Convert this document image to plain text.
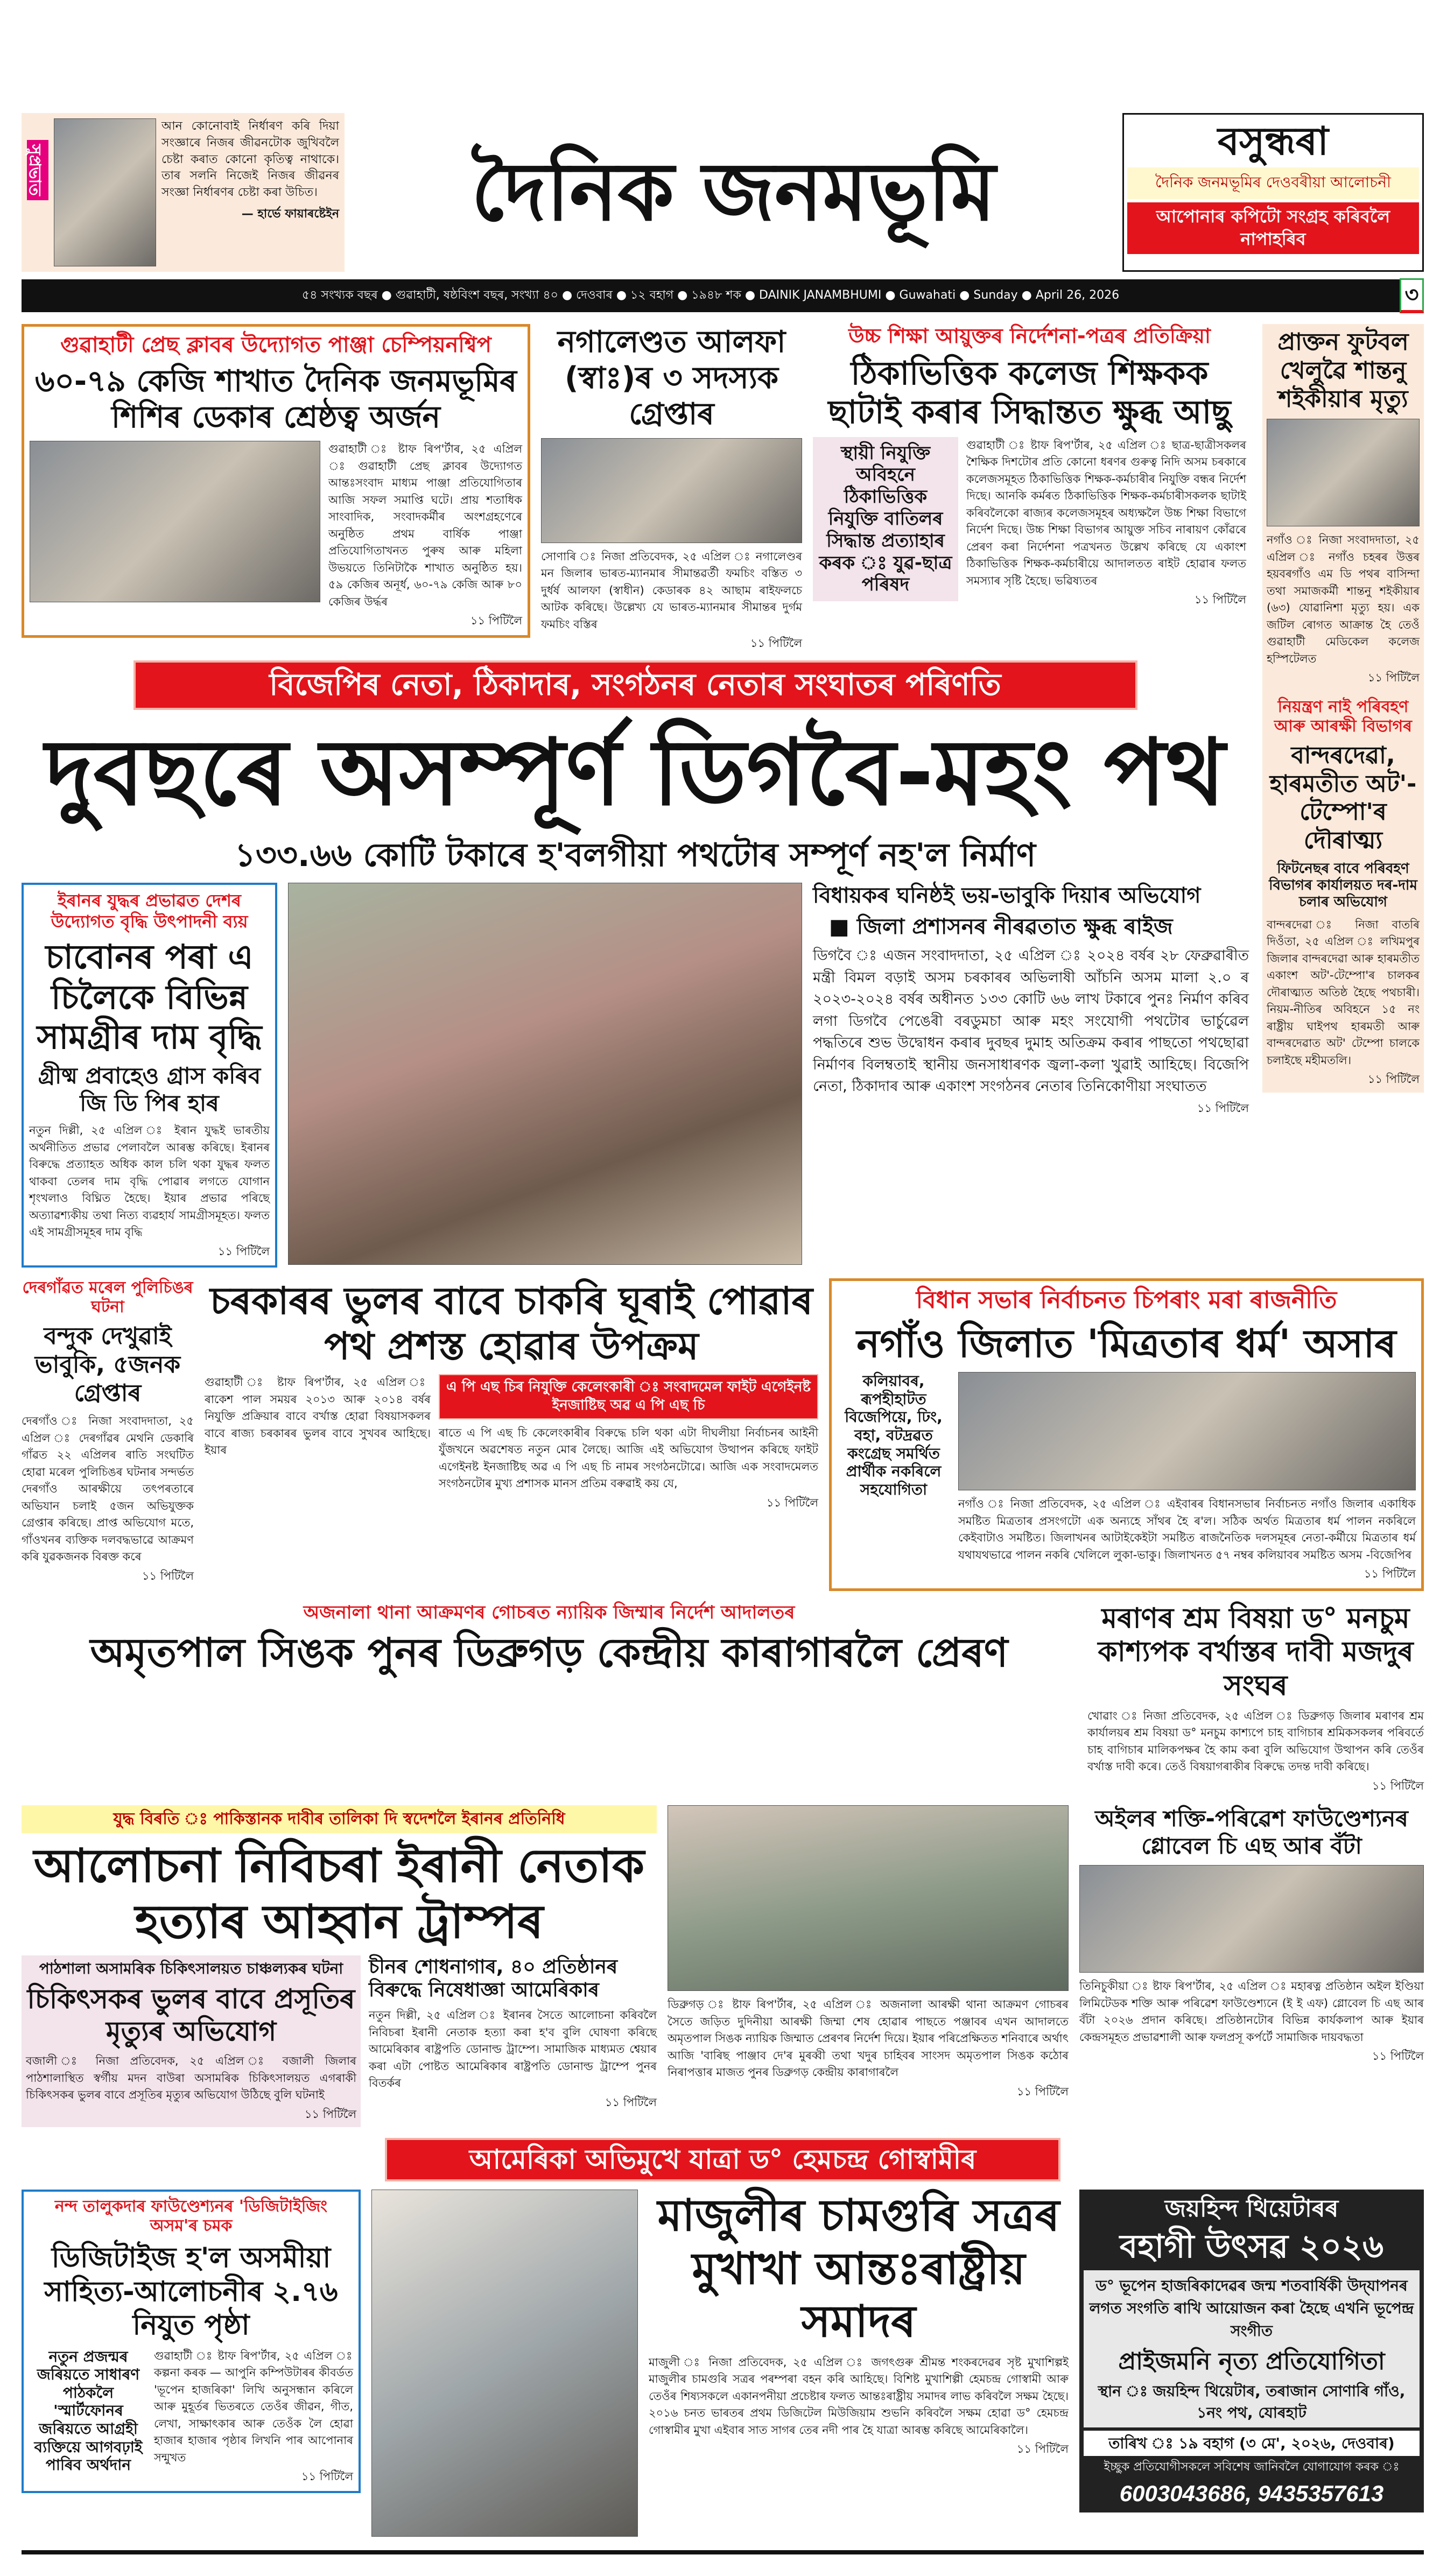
সুপ্ৰভাত
আন কোনোবাই নিৰ্ধাৰণ কৰি দিয়া সংজ্ঞাৰে নিজৰ জীৱনটোক জুখিবলৈ চেষ্টা কৰাত কোনো কৃতিত্ব নাথাকে। তাৰ সলনি নিজেই নিজৰ জীৱনৰ সংজ্ঞা নিৰ্ধাৰণৰ চেষ্টা কৰা উচিত।
— হাৰ্ভে ফায়াৰষ্টেইন	দৈনিক জনমভূমি
বসুন্ধৰা
দৈনিক জনমভূমিৰ দেওবৰীয়া আলোচনী
আপোনাৰ কপিটো সংগ্ৰহ কৰিবলৈ নাপাহৰিব
৫৪ সংখ্যক বছৰ ● গুৱাহাটী, ষষ্ঠবিংশ বছৰ, সংখ্যা ৪০ ● দেওবাৰ ● ১২ বহাগ ● ১৯৪৮ শক ● DAINIK JANAMBHUMI ● Guwahati ● Sunday ● April 26, 2026	৩
গুৱাহাটী প্ৰেছ ক্লাবৰ উদ্যোগত পাঞ্জা চেম্পিয়নশ্বিপ
৬০-৭৯ কেজি শাখাত দৈনিক জনমভূমিৰ শিশিৰ ডেকাৰ শ্ৰেষ্ঠত্ব অৰ্জন
গুৱাহাটী ঃ ষ্টাফ ৰিপ'ৰ্টাৰ, ২৫ এপ্ৰিল ঃ গুৱাহাটী প্ৰেছ ক্লাবৰ উদ্যোগত আন্তঃসংবাদ মাধ্যম পাঞ্জা প্ৰতিযোগিতাৰ আজি সফল সমাপ্তি ঘটে। প্ৰায় শতাধিক সাংবাদিক, সংবাদকৰ্মীৰ অংশগ্ৰহণেৰে অনুষ্ঠিত প্ৰথম বাৰ্ষিক পাঞ্জা প্ৰতিযোগিতাখনত পুৰুষ আৰু মহিলা উভয়তে তিনিটাকৈ শাখাত অনুষ্ঠিত হয়। ৫৯ কেজিৰ অনূৰ্ধ, ৬০-৭৯ কেজি আৰু ৮০ কেজিৰ উৰ্দ্ধৰ
১১ পিটিলৈ
নগালেণ্ডত আলফা (স্বাঃ)ৰ ৩ সদস্যক গ্ৰেপ্তাৰ
সোণাৰি ঃ নিজা প্ৰতিবেদক, ২৫ এপ্ৰিল ঃ নগালেণ্ডৰ মন জিলাৰ ভাৰত-ম্যানমাৰ সীমান্তৱৰ্তী ফমচিং বস্তিত ৩ দুৰ্ধৰ্ষ আলফা (স্বাধীন) কেডাৰক ৪২ আছাম ৰাইফলচে আটক কৰিছে। উল্লেখ্য যে ভাৰত-ম্যানমাৰ সীমান্তৰ দুৰ্গম ফমচিং বস্তিৰ
১১ পিটিলৈ
উচ্চ শিক্ষা আয়ুক্তৰ নিৰ্দেশনা-পত্ৰৰ প্ৰতিক্ৰিয়া
ঠিকাভিত্তিক কলেজ শিক্ষকক ছাটাই কৰাৰ সিদ্ধান্তত ক্ষুব্ধ আছু
স্থায়ী নিযুক্তি অবিহনে ঠিকাভিত্তিক নিযুক্তি বাতিলৰ সিদ্ধান্ত প্ৰত্যাহাৰ কৰক ঃ যুৱ-ছাত্ৰ পৰিষদ
গুৱাহাটী ঃ ষ্টাফ ৰিপ'ৰ্টাৰ, ২৫ এপ্ৰিল ঃ ছাত্ৰ-ছাত্ৰীসকলৰ শৈক্ষিক দিশটোৰ প্ৰতি কোনো ধৰণৰ গুৰুত্ব নিদি অসম চৰকাৰে কলেজসমূহত ঠিকাভিত্তিক শিক্ষক-কৰ্মচাৰীৰ নিযুক্তি বন্ধৰ নিৰ্দেশ দিছে। আনকি কৰ্মৰত ঠিকাভিত্তিক শিক্ষক-কৰ্মচাৰীসকলক ছাটাই কৰিবলৈকো ৰাজ্যৰ কলেজসমূহৰ অধ্যক্ষলৈ উচ্চ শিক্ষা বিভাগে নিৰ্দেশ দিছে। উচ্চ শিক্ষা বিভাগৰ আয়ুক্ত সচিব নাৰায়ণ কোঁৱৰে প্ৰেৰণ কৰা নিৰ্দেশনা পত্ৰখনত উল্লেখ কৰিছে যে একাংশ ঠিকাভিত্তিক শিক্ষক-কৰ্মচাৰীয়ে আদালতত ৰাইট হোৱাৰ ফলত সমস্যাৰ সৃষ্টি হৈছে। ভৱিষ্যতৰ
১১ পিটিলৈ
বিজেপিৰ নেতা, ঠিকাদাৰ, সংগঠনৰ নেতাৰ সংঘাতৰ পৰিণতি
দুবছৰে অসম্পূৰ্ণ ডিগবৈ-মহং পথ
১৩৩.৬৬ কোটি টকাৰে হ'বলগীয়া পথটোৰ সম্পূৰ্ণ নহ'ল নিৰ্মাণ
ইৰানৰ যুদ্ধৰ প্ৰভাৱত দেশৰ উদ্যোগত বৃদ্ধি উৎপাদনী ব্যয়
চাবোনৰ পৰা এ চিলৈকে বিভিন্ন সামগ্ৰীৰ দাম বৃদ্ধি
গ্ৰীষ্ম প্ৰবাহেও গ্ৰাস কৰিব জি ডি পিৰ হাৰ
নতুন দিল্লী, ২৫ এপ্ৰিল ঃ ইৰান যুদ্ধই ভাৰতীয় অৰ্থনীতিত প্ৰভাৱ পেলাবলৈ আৰম্ভ কৰিছে। ইৰানৰ বিৰুদ্ধে প্ৰত্যাহত অধিক কাল চলি থকা যুদ্ধৰ ফলত থাকবা তেলৰ দাম বৃদ্ধি পোৱাৰ লগতে যোগান শৃংখলাও বিঘ্নিত হৈছে। ইয়াৰ প্ৰভাৱ পৰিছে অত্যাৱশ্যকীয় তথা নিত্য ব্যৱহাৰ্য সামগ্ৰীসমূহত। ফলত এই সামগ্ৰীসমূহৰ দাম বৃদ্ধি
১১ পিটিলৈ
বিধায়কৰ ঘনিষ্ঠই ভয়-ভাবুকি দিয়াৰ অভিযোগ
■ জিলা প্ৰশাসনৰ নীৰৱতাত ক্ষুব্ধ ৰাইজ
ডিগবৈ ঃ এজন সংবাদদাতা, ২৫ এপ্ৰিল ঃ ২০২৪ বৰ্ষৰ ২৮ ফেব্ৰুৱাৰীত মন্ত্ৰী বিমল বড়াই অসম চৰকাৰৰ অভিলাষী আঁচনি অসম মালা ২.০ ৰ ২০২৩-২০২৪ বৰ্ষৰ অধীনত ১৩৩ কোটি ৬৬ লাখ টকাৰে পুনঃ নিৰ্মাণ কৰিব লগা ডিগবৈ পেঙেৰী বৰডুমচা আৰু মহং সংযোগী পথটোৰ ভাৰ্চুৱেল পদ্ধতিৰে শুভ উদ্বোধন কৰাৰ দুবছৰ দুমাহ অতিক্ৰম কৰাৰ পাছতো পথছোৱা নিৰ্মাণৰ বিলম্বতাই স্থানীয় জনসাধাৰণক জ্বলা-কলা খুৱাই আহিছে। বিজেপি নেতা, ঠিকাদাৰ আৰু একাংশ সংগঠনৰ নেতাৰ তিনিকোণীয়া সংঘাতত
১১ পিটিলৈ
প্ৰাক্তন ফুটবল খেলুৱৈ শান্তনু শইকীয়াৰ মৃত্যু
নগাঁও ঃ নিজা সংবাদদাতা, ২৫ এপ্ৰিল ঃ নগাঁও চহৰৰ উত্তৰ হয়বৰগাঁও এম ডি পথৰ বাসিন্দা তথা সমাজকৰ্মী শান্তনু শইকীয়াৰ (৬৩) যোৱানিশা মৃত্যু হয়। এক জটিল ৰোগত আক্ৰান্ত হৈ তেওঁ গুৱাহাটী মেডিকেল কলেজ হস্পিটেলত
১১ পিটিলৈ
নিয়ন্ত্ৰণ নাই পৰিবহণ আৰু আৰক্ষী বিভাগৰ
বান্দৰদেৱা, হাৰমতীত অট'-টেম্পো'ৰ দৌৰাত্ম্য
ফিটনেছৰ বাবে পৰিবহণ বিভাগৰ কাৰ্যালয়ত দৰ-দাম চলাৰ অভিযোগ
বান্দৰদেৱা ঃ নিজা বাতৰি দিওঁতা, ২৫ এপ্ৰিল ঃ লখিমপুৰ জিলাৰ বান্দৰদেৱা আৰু হাৰমতীত একাংশ অট'-টেম্পো'ৰ চালকৰ দৌৰাত্ম্যত অতিষ্ঠ হৈছে পথচাৰী। নিয়ম-নীতিৰ অবিহনে ১৫ নং ৰাষ্ট্ৰীয় ঘাইপথ হাৰমতী আৰু বান্দৰদেৱাত অট' টেম্পো চালকে চলাইছে মহীমতলি।
১১ পিটিলৈ
দেৰগাঁৱত মৰেল পুলিচিঙৰ ঘটনা
বন্দুক দেখুৱাই ভাবুকি, ৫জনক গ্ৰেপ্তাৰ
দেৰগাঁও ঃ নিজা সংবাদদাতা, ২৫ এপ্ৰিল ঃ দেৰগাঁৱৰ মেথনি ডেকাৰি গাঁৱত ২২ এপ্ৰিলৰ ৰাতি সংঘটিত হোৱা মৰেল পুলিচিঙৰ ঘটনাৰ সন্দৰ্ভত দেৰগাঁও আৰক্ষীয়ে তৎপৰতাৰে অভিযান চলাই ৫জন অভিযুক্তক গ্ৰেপ্তাৰ কৰিছে। প্ৰাপ্ত অভিযোগ মতে, গাঁওখনৰ ব্যক্তিক দলবদ্ধভাৱে আক্ৰমণ কৰি যুৱকজনক বিৰক্ত কৰে
১১ পিটিলৈ
চৰকাৰৰ ভুলৰ বাবে চাকৰি ঘূৰাই পোৱাৰ পথ প্ৰশস্ত হোৱাৰ উপক্ৰম
গুৱাহাটী ঃ ষ্টাফ ৰিপ'ৰ্টাৰ, ২৫ এপ্ৰিল ঃ ৰাকেশ পাল সময়ৰ ২০১৩ আৰু ২০১৪ বৰ্ষৰ নিযুক্তি প্ৰক্ৰিয়াৰ বাবে বৰ্খাস্ত হোৱা বিষয়াসকলৰ বাবে ৰাজ্য চৰকাৰৰ ভুলৰ বাবে সুখবৰ আহিছে। ইয়াৰ
এ পি এছ চিৰ নিযুক্তি কেলেংকাৰী ঃ সংবাদমেল ফাইট এগেইনষ্ট ইনজাষ্টিছ অৱ এ পি এছ চি
ৰাতে এ পি এছ চি কেলেংকাৰীৰ বিৰুদ্ধে চলি থকা এটা দীঘলীয়া নিৰ্বাচনৰ আইনী যুঁজখনে অৱশেষত নতুন মোৰ লৈছে। আজি এই অভিযোগ উত্থাপন কৰিছে ফাইট এগেইনষ্ট ইনজাষ্টিছ অৱ এ পি এছ চি নামৰ সংগঠনটোৱে। আজি এক সংবাদমেলত সংগঠনটোৰ মুখ্য প্ৰশাসক মানস প্ৰতিম বৰুৱাই কয় যে,
১১ পিটিলৈ
বিধান সভাৰ নিৰ্বাচনত চিপৰাং মৰা ৰাজনীতি
নগাঁও জিলাত 'মিত্ৰতাৰ ধৰ্ম' অসাৰ
কলিয়াবৰ, ৰূপহীহাটত বিজেপিয়ে, ঢিং, বহা, বটদ্ৰৱত কংগ্ৰেছ সমৰ্থিত প্ৰাৰ্থীক নকৰিলে সহযোগিতা
নগাঁও ঃ নিজা প্ৰতিবেদক, ২৫ এপ্ৰিল ঃ এইবাৰৰ বিধানসভাৰ নিৰ্বাচনত নগাঁও জিলাৰ একাধিক সমষ্টিত মিত্ৰতাৰ প্ৰসংগটো এক অন্যহে সাঁথৰ হৈ ৰ'ল। সঠিক অৰ্থত মিত্ৰতাৰ ধৰ্ম পালন নকৰিলে কেইবাটাও সমষ্টিত। জিলাখনৰ আটাইকেইটা সমষ্টিত ৰাজনৈতিক দলসমূহৰ নেতা-কৰ্মীয়ে মিত্ৰতাৰ ধৰ্ম যথাযথভাৱে পালন নকৰি খেলিলে লুকা-ভাকু। জিলাখনত ৫৭ নম্বৰ কলিয়াবৰ সমষ্টিত অসম -বিজেপিৰ
১১ পিটিলৈ
অজনালা থানা আক্ৰমণৰ গোচৰত ন্যায়িক জিম্মাৰ নিৰ্দেশ আদালতৰ
অমৃতপাল সিঙক পুনৰ ডিব্ৰুগড় কেন্দ্ৰীয় কাৰাগাৰলৈ প্ৰেৰণ
মৰাণৰ শ্ৰম বিষয়া ড° মনচুম কাশ্যপক বৰ্খাস্তৰ দাবী মজদুৰ সংঘৰ
খোৱাং ঃ নিজা প্ৰতিবেদক, ২৫ এপ্ৰিল ঃ ডিব্ৰুগড় জিলাৰ মৰাণৰ শ্ৰম কাৰ্যালয়ৰ শ্ৰম বিষয়া ড° মনচুম কাশ্যপে চাহ বাগিচাৰ শ্ৰমিকসকলৰ পৰিবৰ্তে চাহ বাগিচাৰ মালিকপক্ষৰ হৈ কাম কৰা বুলি অভিযোগ উত্থাপন কৰি তেওঁৰ বৰ্খাস্ত দাবী কৰে। তেওঁ বিষয়াগৰাকীৰ বিৰুদ্ধে তদন্ত দাবী কৰিছে।
১১ পিটিলৈ
যুদ্ধ বিৰতি ঃ পাকিস্তানক দাবীৰ তালিকা দি স্বদেশলৈ ইৰানৰ প্ৰতিনিধি
আলোচনা নিবিচৰা ইৰানী নেতাক হত্যাৰ আহ্বান ট্ৰাম্পৰ
পাঠশালা অসামৰিক চিকিৎসালয়ত চাঞ্চল্যকৰ ঘটনা
চিকিৎসকৰ ভুলৰ বাবে প্ৰসূতিৰ মৃত্যুৰ অভিযোগ
বজালী ঃ নিজা প্ৰতিবেদক, ২৫ এপ্ৰিল ঃ বজালী জিলাৰ পাঠশালাস্থিত স্বৰ্গীয় মদন বাউৰা অসামৰিক চিকিৎসালয়ত এগৰাকী চিকিৎসকৰ ভুলৰ বাবে প্ৰসূতিৰ মৃত্যুৰ অভিযোগ উঠিছে বুলি ঘটনাই
১১ পিটিলৈ
চীনৰ শোধনাগাৰ, ৪০ প্ৰতিষ্ঠানৰ বিৰুদ্ধে নিষেধাজ্ঞা আমেৰিকাৰ
নতুন দিল্লী, ২৫ এপ্ৰিল ঃ ইৰানৰ সৈতে আলোচনা কৰিবলৈ নিবিচৰা ইৰানী নেতাক হত্যা কৰা হ'ব বুলি ঘোষণা কৰিছে আমেৰিকাৰ ৰাষ্ট্ৰপতি ডোনাল্ড ট্ৰাম্পে। সামাজিক মাধ্যমত শ্বেয়াৰ কৰা এটা পোষ্টত আমেৰিকাৰ ৰাষ্ট্ৰপতি ডোনাল্ড ট্ৰাম্পে পুনৰ বিতৰ্কৰ
১১ পিটিলৈ
ডিব্ৰুগড় ঃ ষ্টাফ ৰিপ'ৰ্টাৰ, ২৫ এপ্ৰিল ঃ অজনালা আৰক্ষী থানা আক্ৰমণ গোচৰৰ সৈতে জড়িত দুদিনীয়া আৰক্ষী জিম্মা শেষ হোৱাৰ পাছতে পঞ্জাবৰ এখন আদালতে অমৃতপাল সিঙক ন্যায়িক জিম্মাত প্ৰেৰণৰ নিৰ্দেশ দিয়ে। ইয়াৰ পৰিপ্ৰেক্ষিতত শনিবাৰে অৰ্থাৎ আজি 'বাৰিছ পাঞ্জাব দে'ৰ মুৰব্বী তথা খদুৰ চাহিবৰ সাংসদ অমৃতপাল সিঙক কঠোৰ নিৰাপত্তাৰ মাজত পুনৰ ডিব্ৰুগড় কেন্দ্ৰীয় কাৰাগাৰলৈ
১১ পিটিলৈ
অইলৰ শক্তি-পৰিৱেশ ফাউণ্ডেশ্যনৰ গ্লোবেল চি এছ আৰ বঁটা
তিনিচুকীয়া ঃ ষ্টাফ ৰিপ'ৰ্টাৰ, ২৫ এপ্ৰিল ঃ মহাৰত্ন প্ৰতিষ্ঠান অইল ইণ্ডিয়া লিমিটেডক শক্তি আৰু পৰিৱেশ ফাউণ্ডেশ্যনে (ই ই এফ) গ্লোবেল চি এছ আৰ বঁটা ২০২৬ প্ৰদান কৰিছে। প্ৰতিষ্ঠানটোৰ বিভিন্ন কাৰ্যকলাপ আৰু ইয়াৰ কেন্দ্ৰসমূহত প্ৰভাৱশালী আৰু ফলপ্ৰসূ কৰ্পৰ্টে সামাজিক দায়বদ্ধতা
১১ পিটিলৈ
আমেৰিকা অভিমুখে যাত্ৰা ড° হেমচন্দ্ৰ গোস্বামীৰ
নন্দ তালুকদাৰ ফাউণ্ডেশ্যনৰ 'ডিজিটাইজিং অসম'ৰ চমক
ডিজিটাইজ হ'ল অসমীয়া সাহিত্য-আলোচনীৰ ২.৭৬ নিযুত পৃষ্ঠা
নতুন প্ৰজন্মৰ জৰিয়তে সাধাৰণ পাঠকলৈ 'স্মাৰ্টফোনৰ জৰিয়তে আগ্ৰহী ব্যক্তিয়ে আগবঢ়াই পাৰিব অৰ্থদান
গুৱাহাটী ঃ ষ্টাফ ৰিপ'ৰ্টাৰ, ২৫ এপ্ৰিল ঃ কল্পনা কৰক — আপুনি কম্পিউটাৰৰ কীবৰ্ডত 'ভূপেন হাজৰিকা' লিখি অনুসন্ধান কৰিলে আৰু মুহূৰ্তৰ ভিতৰতে তেওঁৰ জীৱন, গীত, লেখা, সাক্ষাৎকাৰ আৰু তেওঁক লৈ হোৱা হাজাৰ হাজাৰ পৃষ্ঠাৰ লিখনি পাৰ আপোনাৰ সন্মুখত
১১ পিটিলৈ
মাজুলীৰ চামগুৰি সত্ৰৰ মুখাখা আন্তঃৰাষ্ট্ৰীয় সমাদৰ
মাজুলী ঃ নিজা প্ৰতিবেদক, ২৫ এপ্ৰিল ঃ জগৎগুৰু শ্ৰীমন্ত শংকৰদেৱৰ সৃষ্ট মুখাশিল্পই মাজুলীৰ চামগুৰি সত্ৰৰ পৰম্পৰা বহন কৰি আহিছে। বিশিষ্ট মুখাশিল্পী হেমচন্দ্ৰ গোস্বামী আৰু তেওঁৰ শিষ্যসকলে একানপনীয়া প্ৰচেষ্টাৰ ফলত আন্তঃৰাষ্ট্ৰীয় সমাদৰ লাভ কৰিবলৈ সক্ষম হৈছে। ২০১৬ চনত ভাৰতৰ প্ৰথম ডিজিটেল মিউজিয়াম শুভনি কৰিবলৈ সক্ষম হোৱা ড° হেমচন্দ্ৰ গোস্বামীৰ মুখা এইবাৰ সাত সাগৰ তেৰ নদী পাৰ হৈ যাত্ৰা আৰম্ভ কৰিছে আমেৰিকালৈ।
১১ পিটিলৈ
জয়হিন্দ থিয়েটাৰৰ
বহাগী উৎসৱ ২০২৬
ড° ভূপেন হাজৰিকাদেৱৰ জন্ম শতবাৰ্ষিকী উদ্‌যাপনৰ লগত সংগতি ৰাখি আয়োজন কৰা হৈছে এখনি ভূপেন্দ্ৰ সংগীত
প্ৰাইজমনি নৃত্য প্ৰতিযোগিতা
স্থান ঃ জয়হিন্দ থিয়েটাৰ, তৰাজান সোণাৰি গাঁও, ১নং পথ, যোৰহাট
তাৰিখ ঃ ১৯ বহাগ (৩ মে', ২০২৬, দেওবাৰ)
ইচ্ছুক প্ৰতিযোগীসকলে সবিশেষ জানিবলৈ যোগাযোগ কৰক ঃ
6003043686, 9435357613
